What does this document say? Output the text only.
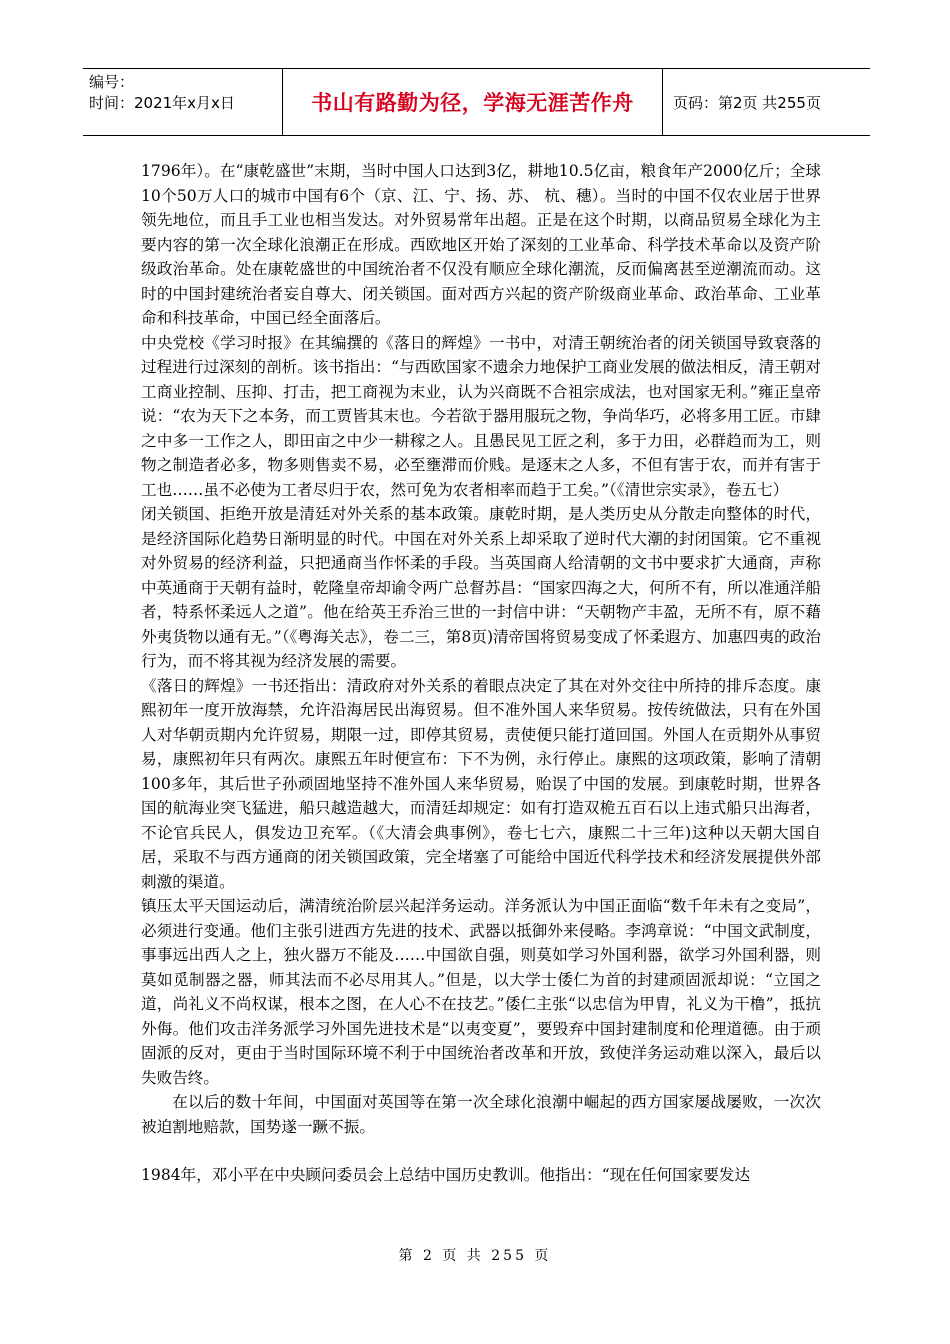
编号：
时间：2021年x月x日	书山有路勤为径，学海无涯苦作舟	页码：第2页 共255页

1796年）。在“康乾盛世”末期，当时中国人口达到3亿，耕地10.5亿亩，粮食年产2000亿斤；全球10个50万人口的城市中国有6个（京、江、宁、扬、苏、 杭、穗）。当时的中国不仅农业居于世界领先地位，而且手工业也相当发达。对外贸易常年出超。正是在这个时期，以商品贸易全球化为主要内容的第一次全球化浪潮正在形成。西欧地区开始了深刻的工业革命、科学技术革命以及资产阶级政治革命。处在康乾盛世的中国统治者不仅没有顺应全球化潮流，反而偏离甚至逆潮流而动。这时的中国封建统治者妄自尊大、闭关锁国。面对西方兴起的资产阶级商业革命、政治革命、工业革命和科技革命，中国已经全面落后。

中央党校《学习时报》在其编撰的《落日的辉煌》一书中，对清王朝统治者的闭关锁国导致衰落的过程进行过深刻的剖析。该书指出：“与西欧国家不遗余力地保护工商业发展的做法相反，清王朝对工商业控制、压抑、打击，把工商视为末业，认为兴商既不合祖宗成法，也对国家无利。”雍正皇帝说：“农为天下之本务，而工贾皆其末也。今若欲于器用服玩之物，争尚华巧，必将多用工匠。市肆之中多一工作之人，即田亩之中少一耕稼之人。且愚民见工匠之利，多于力田，必群趋而为工，则物之制造者必多，物多则售卖不易，必至壅滞而价贱。是逐末之人多，不但有害于农，而并有害于工也……虽不必使为工者尽归于农，然可免为农者相率而趋于工矣。”（《清世宗实录》，卷五七）

闭关锁国、拒绝开放是清廷对外关系的基本政策。康乾时期，是人类历史从分散走向整体的时代，是经济国际化趋势日渐明显的时代。中国在对外关系上却采取了逆时代大潮的封闭国策。它不重视对外贸易的经济利益，只把通商当作怀柔的手段。当英国商人给清朝的文书中要求扩大通商，声称中英通商于天朝有益时，乾隆皇帝却谕令两广总督苏昌：“国家四海之大，何所不有，所以准通洋船者，特系怀柔远人之道”。他在给英王乔治三世的一封信中讲：“天朝物产丰盈，无所不有，原不藉外夷货物以通有无。”（《粤海关志》，卷二三，第8页)清帝国将贸易变成了怀柔遐方、加惠四夷的政治行为，而不将其视为经济发展的需要。

《落日的辉煌》一书还指出：清政府对外关系的着眼点决定了其在对外交往中所持的排斥态度。康熙初年一度开放海禁，允许沿海居民出海贸易。但不准外国人来华贸易。按传统做法，只有在外国人对华朝贡期内允许贸易，期限一过，即停其贸易，责使便只能打道回国。外国人在贡期外从事贸易，康熙初年只有两次。康熙五年时便宣布：下不为例，永行停止。康熙的这项政策，影响了清朝100多年，其后世子孙顽固地坚持不准外国人来华贸易，贻误了中国的发展。到康乾时期，世界各国的航海业突飞猛进，船只越造越大，而清廷却规定：如有打造双桅五百石以上违式船只出海者，不论官兵民人，俱发边卫充军。（《大清会典事例》，卷七七六，康熙二十三年)这种以天朝大国自居，采取不与西方通商的闭关锁国政策，完全堵塞了可能给中国近代科学技术和经济发展提供外部刺激的渠道。

镇压太平天国运动后，满清统治阶层兴起洋务运动。洋务派认为中国正面临“数千年未有之变局”，必须进行变通。他们主张引进西方先进的技术、武器以抵御外来侵略。李鸿章说：“中国文武制度，事事远出西人之上，独火器万不能及……中国欲自强，则莫如学习外国利器，欲学习外国利器，则莫如觅制器之器，师其法而不必尽用其人。”但是，以大学士倭仁为首的封建顽固派却说：“立国之道，尚礼义不尚权谋，根本之图，在人心不在技艺。”倭仁主张“以忠信为甲胄，礼义为干橹”，抵抗外侮。他们攻击洋务派学习外国先进技术是“以夷变夏”，要毁弃中国封建制度和伦理道德。由于顽固派的反对，更由于当时国际环境不利于中国统治者改革和开放，致使洋务运动难以深入，最后以失败告终。

在以后的数十年间，中国面对英国等在第一次全球化浪潮中崛起的西方国家屡战屡败，一次次被迫割地赔款，国势遂一蹶不振。

1984年，邓小平在中央顾问委员会上总结中国历史教训。他指出：“现在任何国家要发达

第 2 页 共 255 页
